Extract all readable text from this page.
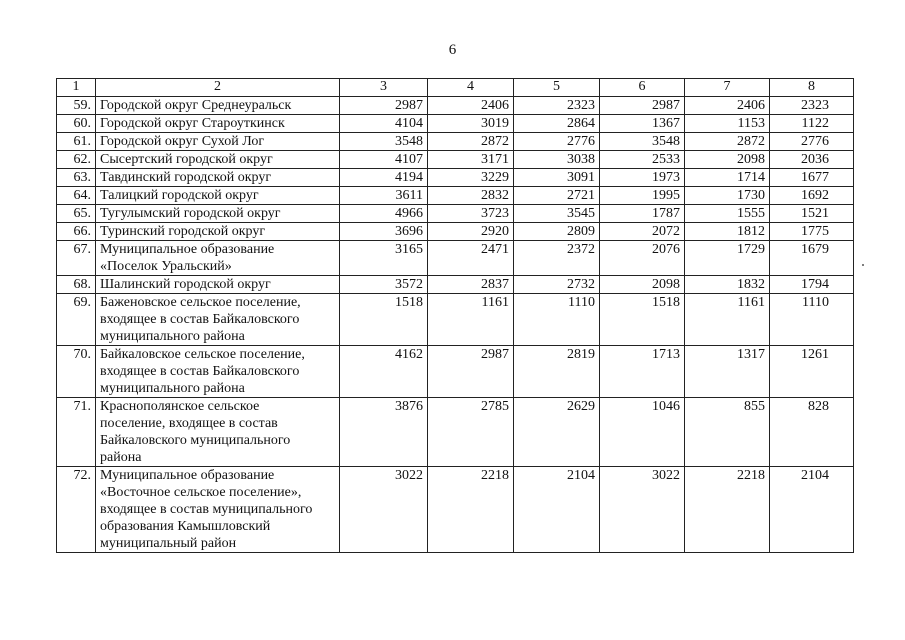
6
1	2	3	4	5	6	7	8
59.	Городской округ Среднеуральск	2987	2406	2323	2987	2406	2323
60.	Городской округ Староуткинск	4104	3019	2864	1367	1153	1122
61.	Городской округ Сухой Лог	3548	2872	2776	3548	2872	2776
62.	Сысертский городской округ	4107	3171	3038	2533	2098	2036
63.	Тавдинский городской округ	4194	3229	3091	1973	1714	1677
64.	Талицкий городской округ	3611	2832	2721	1995	1730	1692
65.	Тугулымский городской округ	4966	3723	3545	1787	1555	1521
66.	Туринский городской округ	3696	2920	2809	2072	1812	1775
67.	Муниципальное образование
«Поселок Уральский»	3165	2471	2372	2076	1729	1679
68.	Шалинский городской округ	3572	2837	2732	2098	1832	1794
69.	Баженовское сельское поселение,
входящее в состав Байкаловского
муниципального района	1518	1161	1110	1518	1161	1110
70.	Байкаловское сельское поселение,
входящее в состав Байкаловского
муниципального района	4162	2987	2819	1713	1317	1261
71.	Краснополянское сельское
поселение, входящее в состав
Байкаловского муниципального
района	3876	2785	2629	1046	855	828
72.	Муниципальное образование
«Восточное сельское поселение»,
входящее в состав муниципального
образования Камышловский
муниципальный район	3022	2218	2104	3022	2218	2104
